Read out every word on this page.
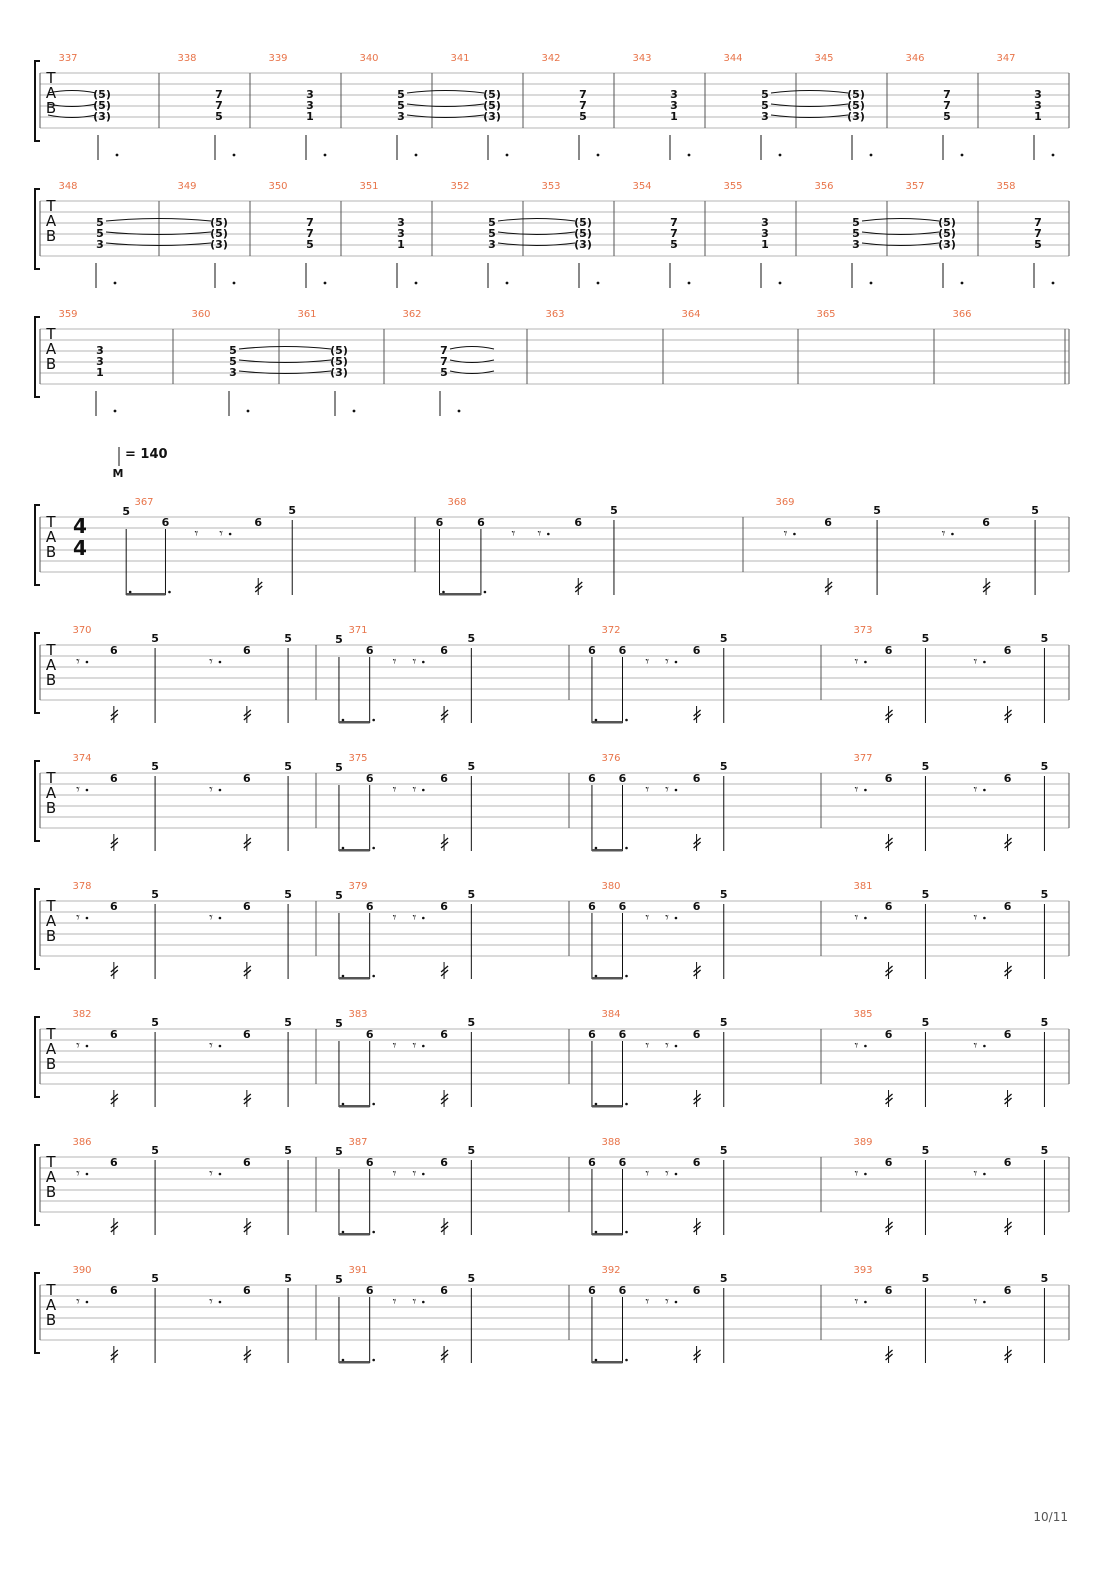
T
A
B
337
(5)
(5)
(3)
338
7
7
5
339
3
3
1
340
5
5
3
341
(5)
(5)
(3)
342
7
7
5
343
3
3
1
344
5
5
3
345
(5)
(5)
(3)
346
7
7
5
347
3
3
1
T
A
B
348
5
5
3
349
(5)
(5)
(3)
350
7
7
5
351
3
3
1
352
5
5
3
353
(5)
(5)
(3)
354
7
7
5
355
3
3
1
356
5
5
3
357
(5)
(5)
(3)
358
7
7
5
T
A
B
359
3
3
1
360
5
5
3
361
(5)
(5)
(3)
362
7
7
5
363	364	365	366
M
= 140
T
A
B
4
4
367
5
6
𝄾 𝄾
6
5
368
6	6
𝄾 𝄾
6
5
369
𝄾
6
5
𝄾
6
5
T
A
B
370
𝄾
6
5
𝄾
6
5
371
5
6
𝄾 𝄾
6
5
372
6 6
𝄾 𝄾
6
5
373
𝄾
6
5
𝄾
6
5
T
A
B
374
𝄾
6
5
𝄾
6
5
375
5
6
𝄾 𝄾
6
5
376
6 6
𝄾 𝄾
6
5
377
𝄾
6
5
𝄾
6
5
T
A
B
378
𝄾
6
5
𝄾
6
5
379
5
6
𝄾 𝄾
6
5
380
6 6
𝄾 𝄾
6
5
381
𝄾
6
5
𝄾
6
5
T
A
B
382
𝄾
6
5
𝄾
6
5
383
5
6
𝄾 𝄾
6
5
384
6 6
𝄾 𝄾
6
5
385
𝄾
6
5
𝄾
6
5
T
A
B
386
𝄾
6
5
𝄾
6
5
387
5
6
𝄾 𝄾
6
5
388
6 6
𝄾 𝄾
6
5
389
𝄾
6
5
𝄾
6
5
T
A
B
390
𝄾
6
5
𝄾
6
5
391
5
6
𝄾 𝄾
6
5
392
6 6
𝄾 𝄾
6
5
393
𝄾
6
5
𝄾
6
5
10/11
